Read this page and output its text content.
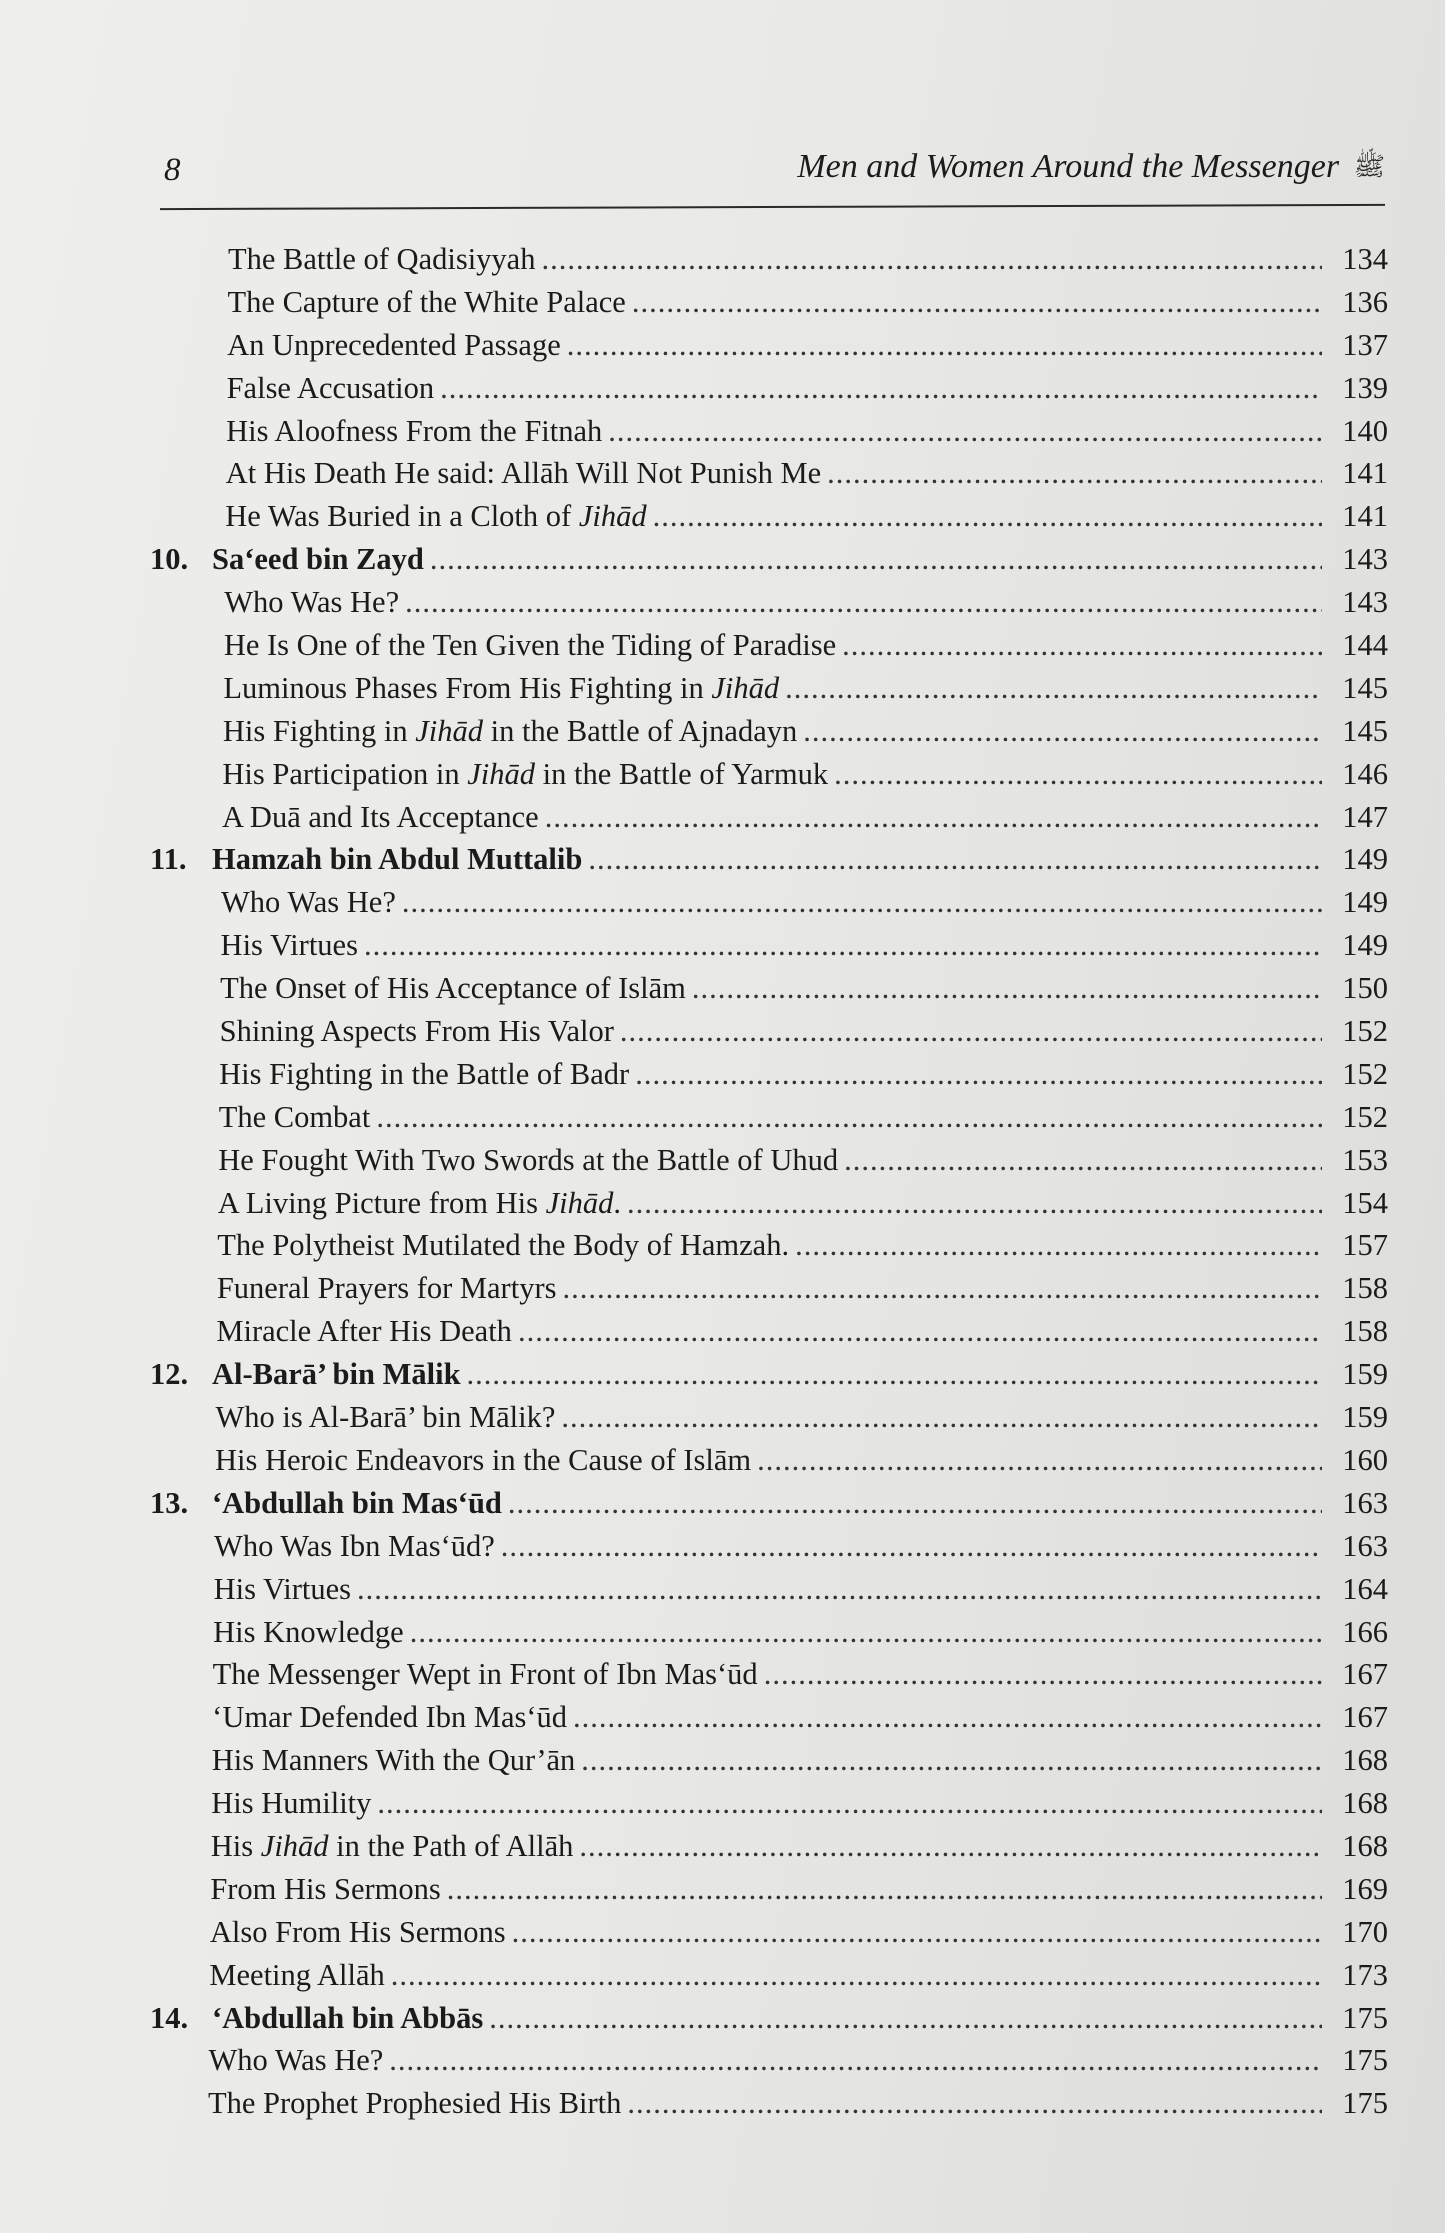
8	Men and Women Around the Messenger ﷺ
The Battle of Qadisiyyah .....	134
The Capture of the White Palace .....	136
An Unprecedented Passage .....	137
False Accusation .....	139
His Aloofness From the Fitnah .....	140
At His Death He said: Allāh Will Not Punish Me .....	141
He Was Buried in a Cloth of Jihād .....	141
10. Sa‘eed bin Zayd .....	143
Who Was He? .....	143
He Is One of the Ten Given the Tiding of Paradise .....	144
Luminous Phases From His Fighting in Jihād .....	145
His Fighting in Jihād in the Battle of Ajnadayn .....	145
His Participation in Jihād in the Battle of Yarmuk .....	146
A Duā and Its Acceptance .....	147
11. Hamzah bin Abdul Muttalib .....	149
Who Was He? .....	149
His Virtues .....	149
The Onset of His Acceptance of Islām .....	150
Shining Aspects From His Valor .....	152
His Fighting in the Battle of Badr .....	152
The Combat .....	152
He Fought With Two Swords at the Battle of Uhud .....	153
A Living Picture from His Jihād. .....	154
The Polytheist Mutilated the Body of Hamzah. .....	157
Funeral Prayers for Martyrs .....	158
Miracle After His Death .....	158
12. Al-Barā’ bin Mālik .....	159
Who is Al-Barā’ bin Mālik? .....	159
His Heroic Endeavors in the Cause of Islām .....	160
13. ‘Abdullah bin Mas‘ūd .....	163
Who Was Ibn Mas‘ūd? .....	163
His Virtues .....	164
His Knowledge .....	166
The Messenger Wept in Front of Ibn Mas‘ūd .....	167
‘Umar Defended Ibn Mas‘ūd .....	167
His Manners With the Qur’ān .....	168
His Humility .....	168
His Jihād in the Path of Allāh .....	168
From His Sermons .....	169
Also From His Sermons .....	170
Meeting Allāh .....	173
14. ‘Abdullah bin Abbās .....	175
Who Was He? .....	175
The Prophet Prophesied His Birth .....	175
